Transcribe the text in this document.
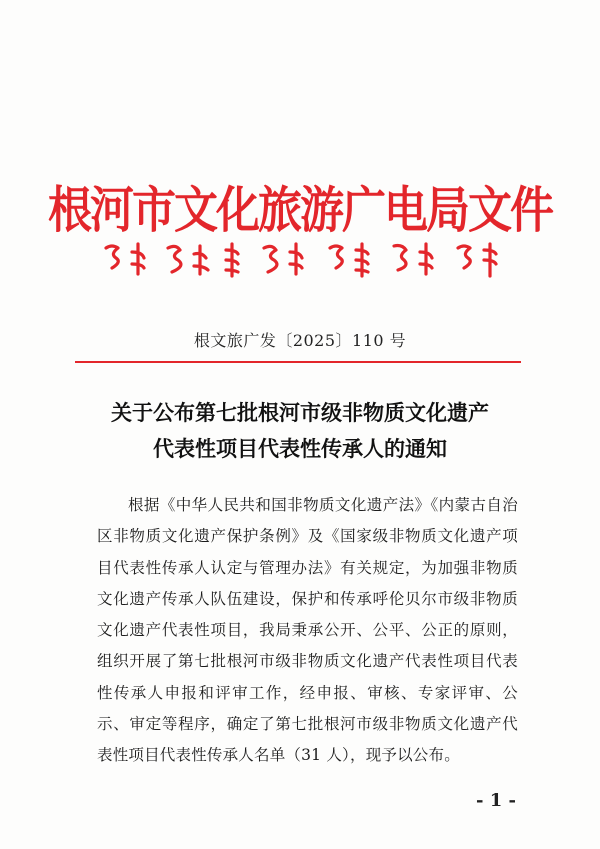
根河市文化旅游广电局文件
根文旅广发〔2025〕110 号
关于公布第七批根河市级非物质文化遗产
代表性项目代表性传承人的通知
根据《中华人民共和国非物质文化遗产法》《内蒙古自治区非物质文化遗产保护条例》及《国家级非物质文化遗产项目代表性传承人认定与管理办法》有关规定，为加强非物质文化遗产传承人队伍建设，保护和传承呼伦贝尔市级非物质文化遗产代表性项目，我局秉承公开、公平、公正的原则，组织开展了第七批根河市级非物质文化遗产代表性项目代表性传承人申报和评审工作，经申报、审核、专家评审、公示、审定等程序，确定了第七批根河市级非物质文化遗产代表性项目代表性传承人名单（31 人），现予以公布。
- 1 -
